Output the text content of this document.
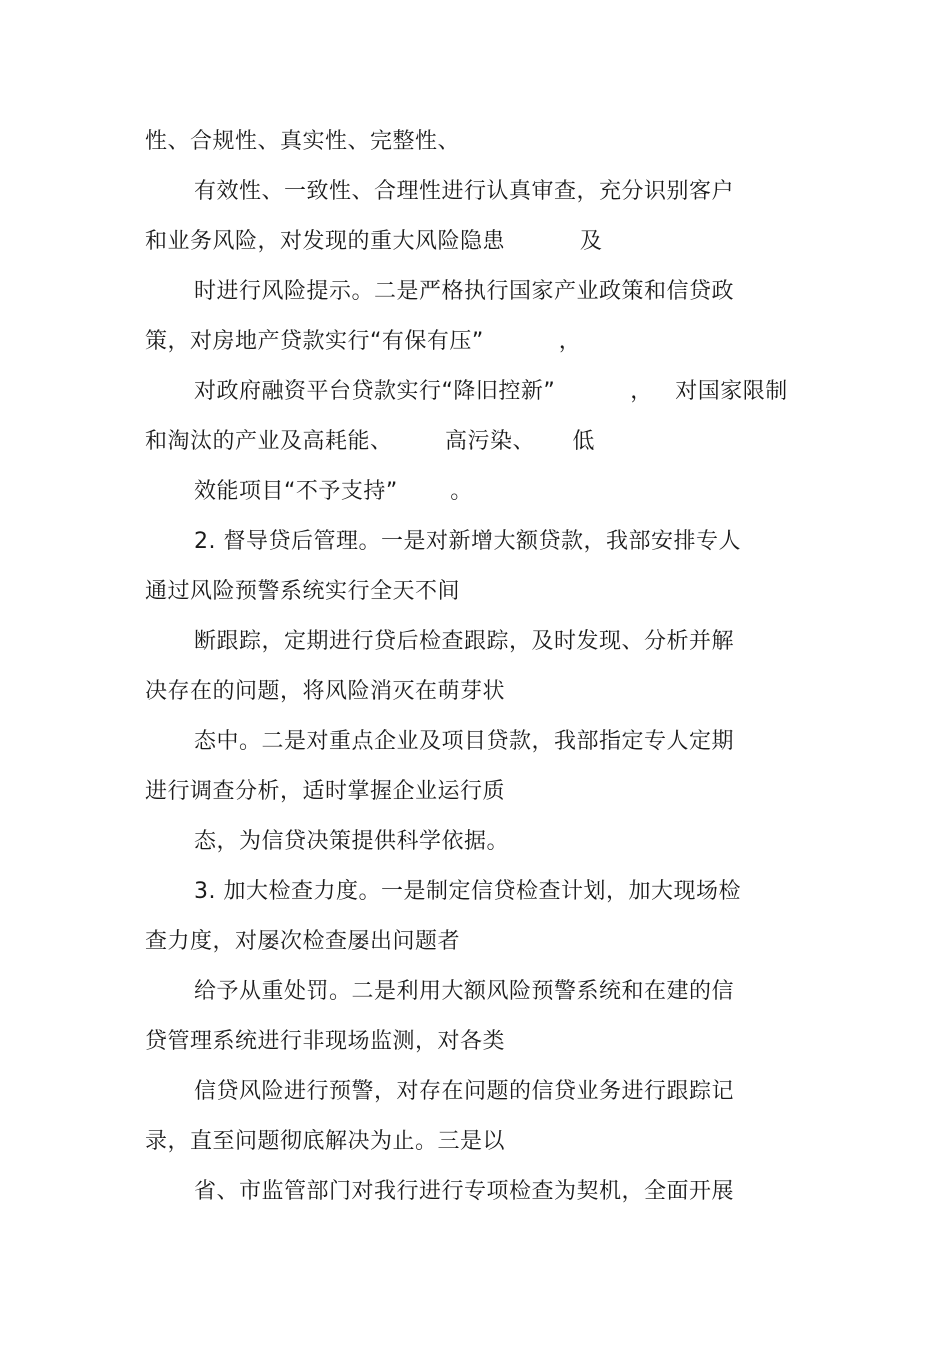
性、合规性、真实性、完整性、
有效性、一致性、合理性进行认真审查，充分识别客户
和业务风险，对发现的重大风险隐患          及
时进行风险提示。二是严格执行国家产业政策和信贷政
策，对房地产贷款实行“有保有压”          ，
对政府融资平台贷款实行“降旧控新”          ，   对国家限制
和淘汰的产业及高耗能、       高污染、     低
效能项目“不予支持”       。
2. 督导贷后管理。一是对新增大额贷款，我部安排专人
通过风险预警系统实行全天不间
断跟踪，定期进行贷后检查跟踪，及时发现、分析并解
决存在的问题，将风险消灭在萌芽状
态中。二是对重点企业及项目贷款，我部指定专人定期
进行调查分析，适时掌握企业运行质
态，为信贷决策提供科学依据。
3. 加大检查力度。一是制定信贷检查计划，加大现场检
查力度，对屡次检查屡出问题者
给予从重处罚。二是利用大额风险预警系统和在建的信
贷管理系统进行非现场监测，对各类
信贷风险进行预警，对存在问题的信贷业务进行跟踪记
录，直至问题彻底解决为止。三是以
省、市监管部门对我行进行专项检查为契机，全面开展
